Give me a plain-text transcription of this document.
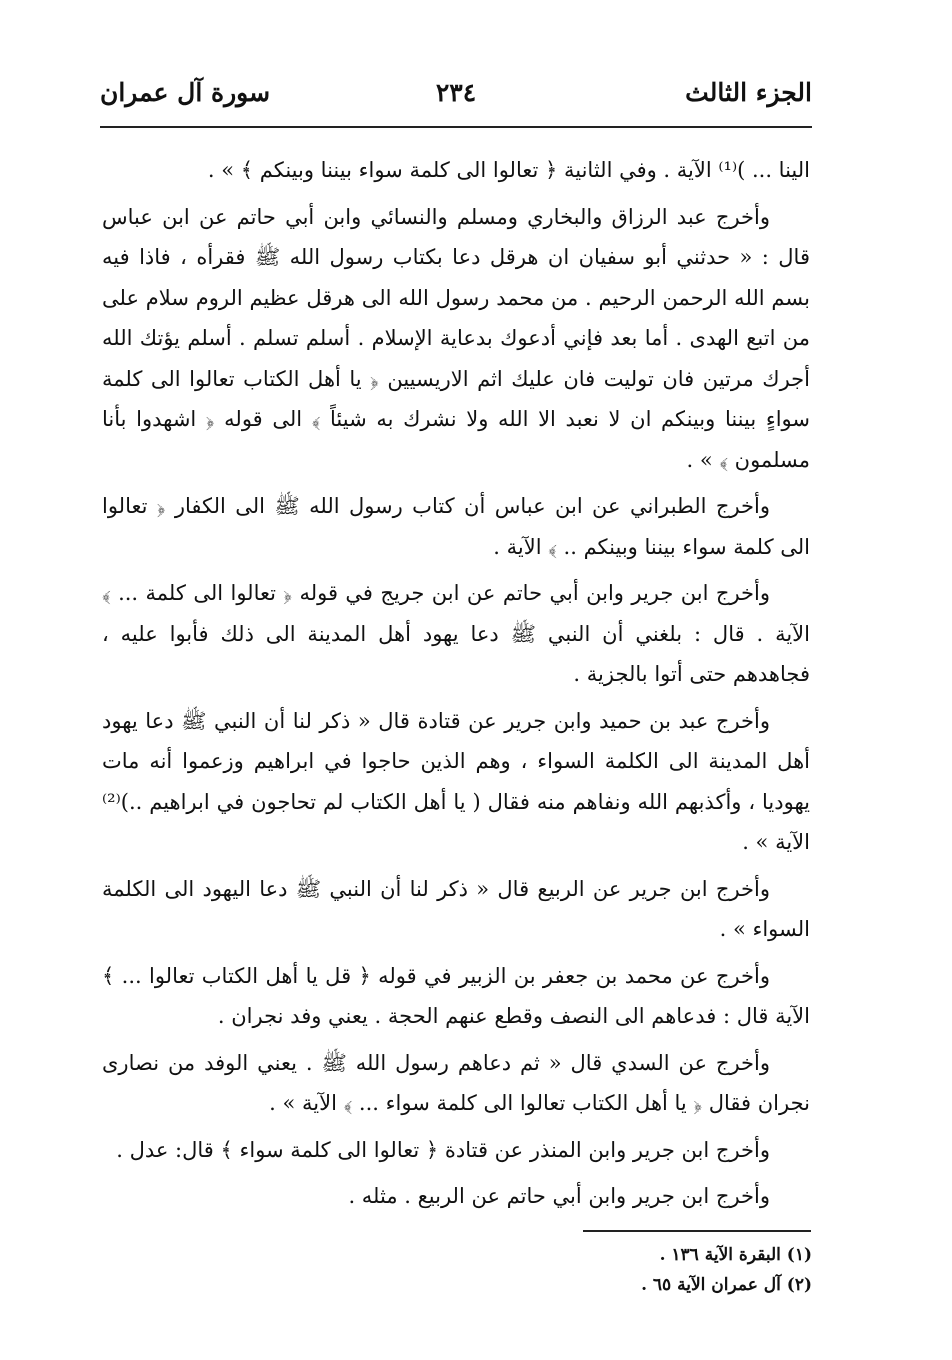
الجزء الثالث
٢٣٤
سورة آل عمران

الينا ... )⁽¹⁾ الآية . وفي الثانية ﴿ تعالوا الى كلمة سواء بيننا وبينكم ﴾ » .

وأخرج عبد الرزاق والبخاري ومسلم والنسائي وابن أبي حاتم عن ابن عباس قال : « حدثني أبو سفيان ان هرقل دعا بكتاب رسول الله ﷺ فقرأه ، فاذا فيه بسم الله الرحمن الرحيم . من محمد رسول الله الى هرقل عظيم الروم سلام على من اتبع الهدى . أما بعد فإني أدعوك بدعاية الإسلام . أسلم تسلم . أسلم يؤتك الله أجرك مرتين فان توليت فان عليك اثم الاريسيين ﴿ يا أهل الكتاب تعالوا الى كلمة سواءٍ بيننا وبينكم ان لا نعبد الا الله ولا نشرك به شيئاً ﴾ الى قوله ﴿ اشهدوا بأنا مسلمون ﴾ » .

وأخرج الطبراني عن ابن عباس أن كتاب رسول الله ﷺ الى الكفار ﴿ تعالوا الى كلمة سواء بيننا وبينكم .. ﴾ الآية .

وأخرج ابن جرير وابن أبي حاتم عن ابن جريج في قوله ﴿ تعالوا الى كلمة ... ﴾ الآية . قال : بلغني أن النبي ﷺ دعا يهود أهل المدينة الى ذلك فأبوا عليه ، فجاهدهم حتى أتوا بالجزية .

وأخرج عبد بن حميد وابن جرير عن قتادة قال « ذكر لنا أن النبي ﷺ دعا يهود أهل المدينة الى الكلمة السواء ، وهم الذين حاجوا في ابراهيم وزعموا أنه مات يهوديا ، وأكذبهم الله ونفاهم منه فقال ( يا أهل الكتاب لم تحاجون في ابراهيم ..)⁽²⁾ الآية » .

وأخرج ابن جرير عن الربيع قال « ذكر لنا أن النبي ﷺ دعا اليهود الى الكلمة السواء » .

وأخرج عن محمد بن جعفر بن الزبير في قوله ﴿ قل يا أهل الكتاب تعالوا ... ﴾ الآية قال : فدعاهم الى النصف وقطع عنهم الحجة . يعني وفد نجران .

وأخرج عن السدي قال « ثم دعاهم رسول الله ﷺ . يعني الوفد من نصارى نجران فقال ﴿ يا أهل الكتاب تعالوا الى كلمة سواء ... ﴾ الآية » .

وأخرج ابن جرير وابن المنذر عن قتادة ﴿ تعالوا الى كلمة سواء ﴾ قال: عدل .

وأخرج ابن جرير وابن أبي حاتم عن الربيع . مثله .

(١) البقرة الآية ١٣٦ .
(٢) آل عمران الآية ٦٥ .
